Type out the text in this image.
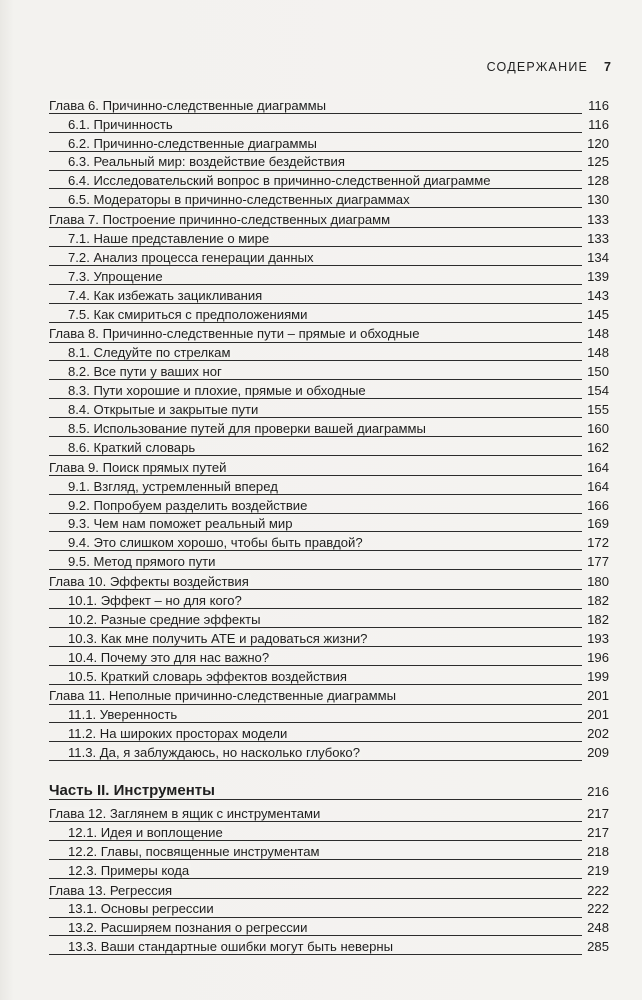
СОДЕРЖАНИЕ 7
Глава 6. Причинно-следственные диаграммы	116
6.1. Причинность	116
6.2. Причинно-следственные диаграммы	120
6.3. Реальный мир: воздействие бездействия	125
6.4. Исследовательский вопрос в причинно-следственной диаграмме	128
6.5. Модераторы в причинно-следственных диаграммах	130
Глава 7. Построение причинно-следственных диаграмм	133
7.1. Наше представление о мире	133
7.2. Анализ процесса генерации данных	134
7.3. Упрощение	139
7.4. Как избежать зацикливания	143
7.5. Как смириться с предположениями	145
Глава 8. Причинно-следственные пути – прямые и обходные	148
8.1. Следуйте по стрелкам	148
8.2. Все пути у ваших ног	150
8.3. Пути хорошие и плохие, прямые и обходные	154
8.4. Открытые и закрытые пути	155
8.5. Использование путей для проверки вашей диаграммы	160
8.6. Краткий словарь	162
Глава 9. Поиск прямых путей	164
9.1. Взгляд, устремленный вперед	164
9.2. Попробуем разделить воздействие	166
9.3. Чем нам поможет реальный мир	169
9.4. Это слишком хорошо, чтобы быть правдой?	172
9.5. Метод прямого пути	177
Глава 10. Эффекты воздействия	180
10.1. Эффект – но для кого?	182
10.2. Разные средние эффекты	182
10.3. Как мне получить ATE и радоваться жизни?	193
10.4. Почему это для нас важно?	196
10.5. Краткий словарь эффектов воздействия	199
Глава 11. Неполные причинно-следственные диаграммы	201
11.1. Уверенность	201
11.2. На широких просторах модели	202
11.3. Да, я заблуждаюсь, но насколько глубоко?	209
Часть II. Инструменты	216
Глава 12. Заглянем в ящик с инструментами	217
12.1. Идея и воплощение	217
12.2. Главы, посвященные инструментам	218
12.3. Примеры кода	219
Глава 13. Регрессия	222
13.1. Основы регрессии	222
13.2. Расширяем познания о регрессии	248
13.3. Ваши стандартные ошибки могут быть неверны	285
